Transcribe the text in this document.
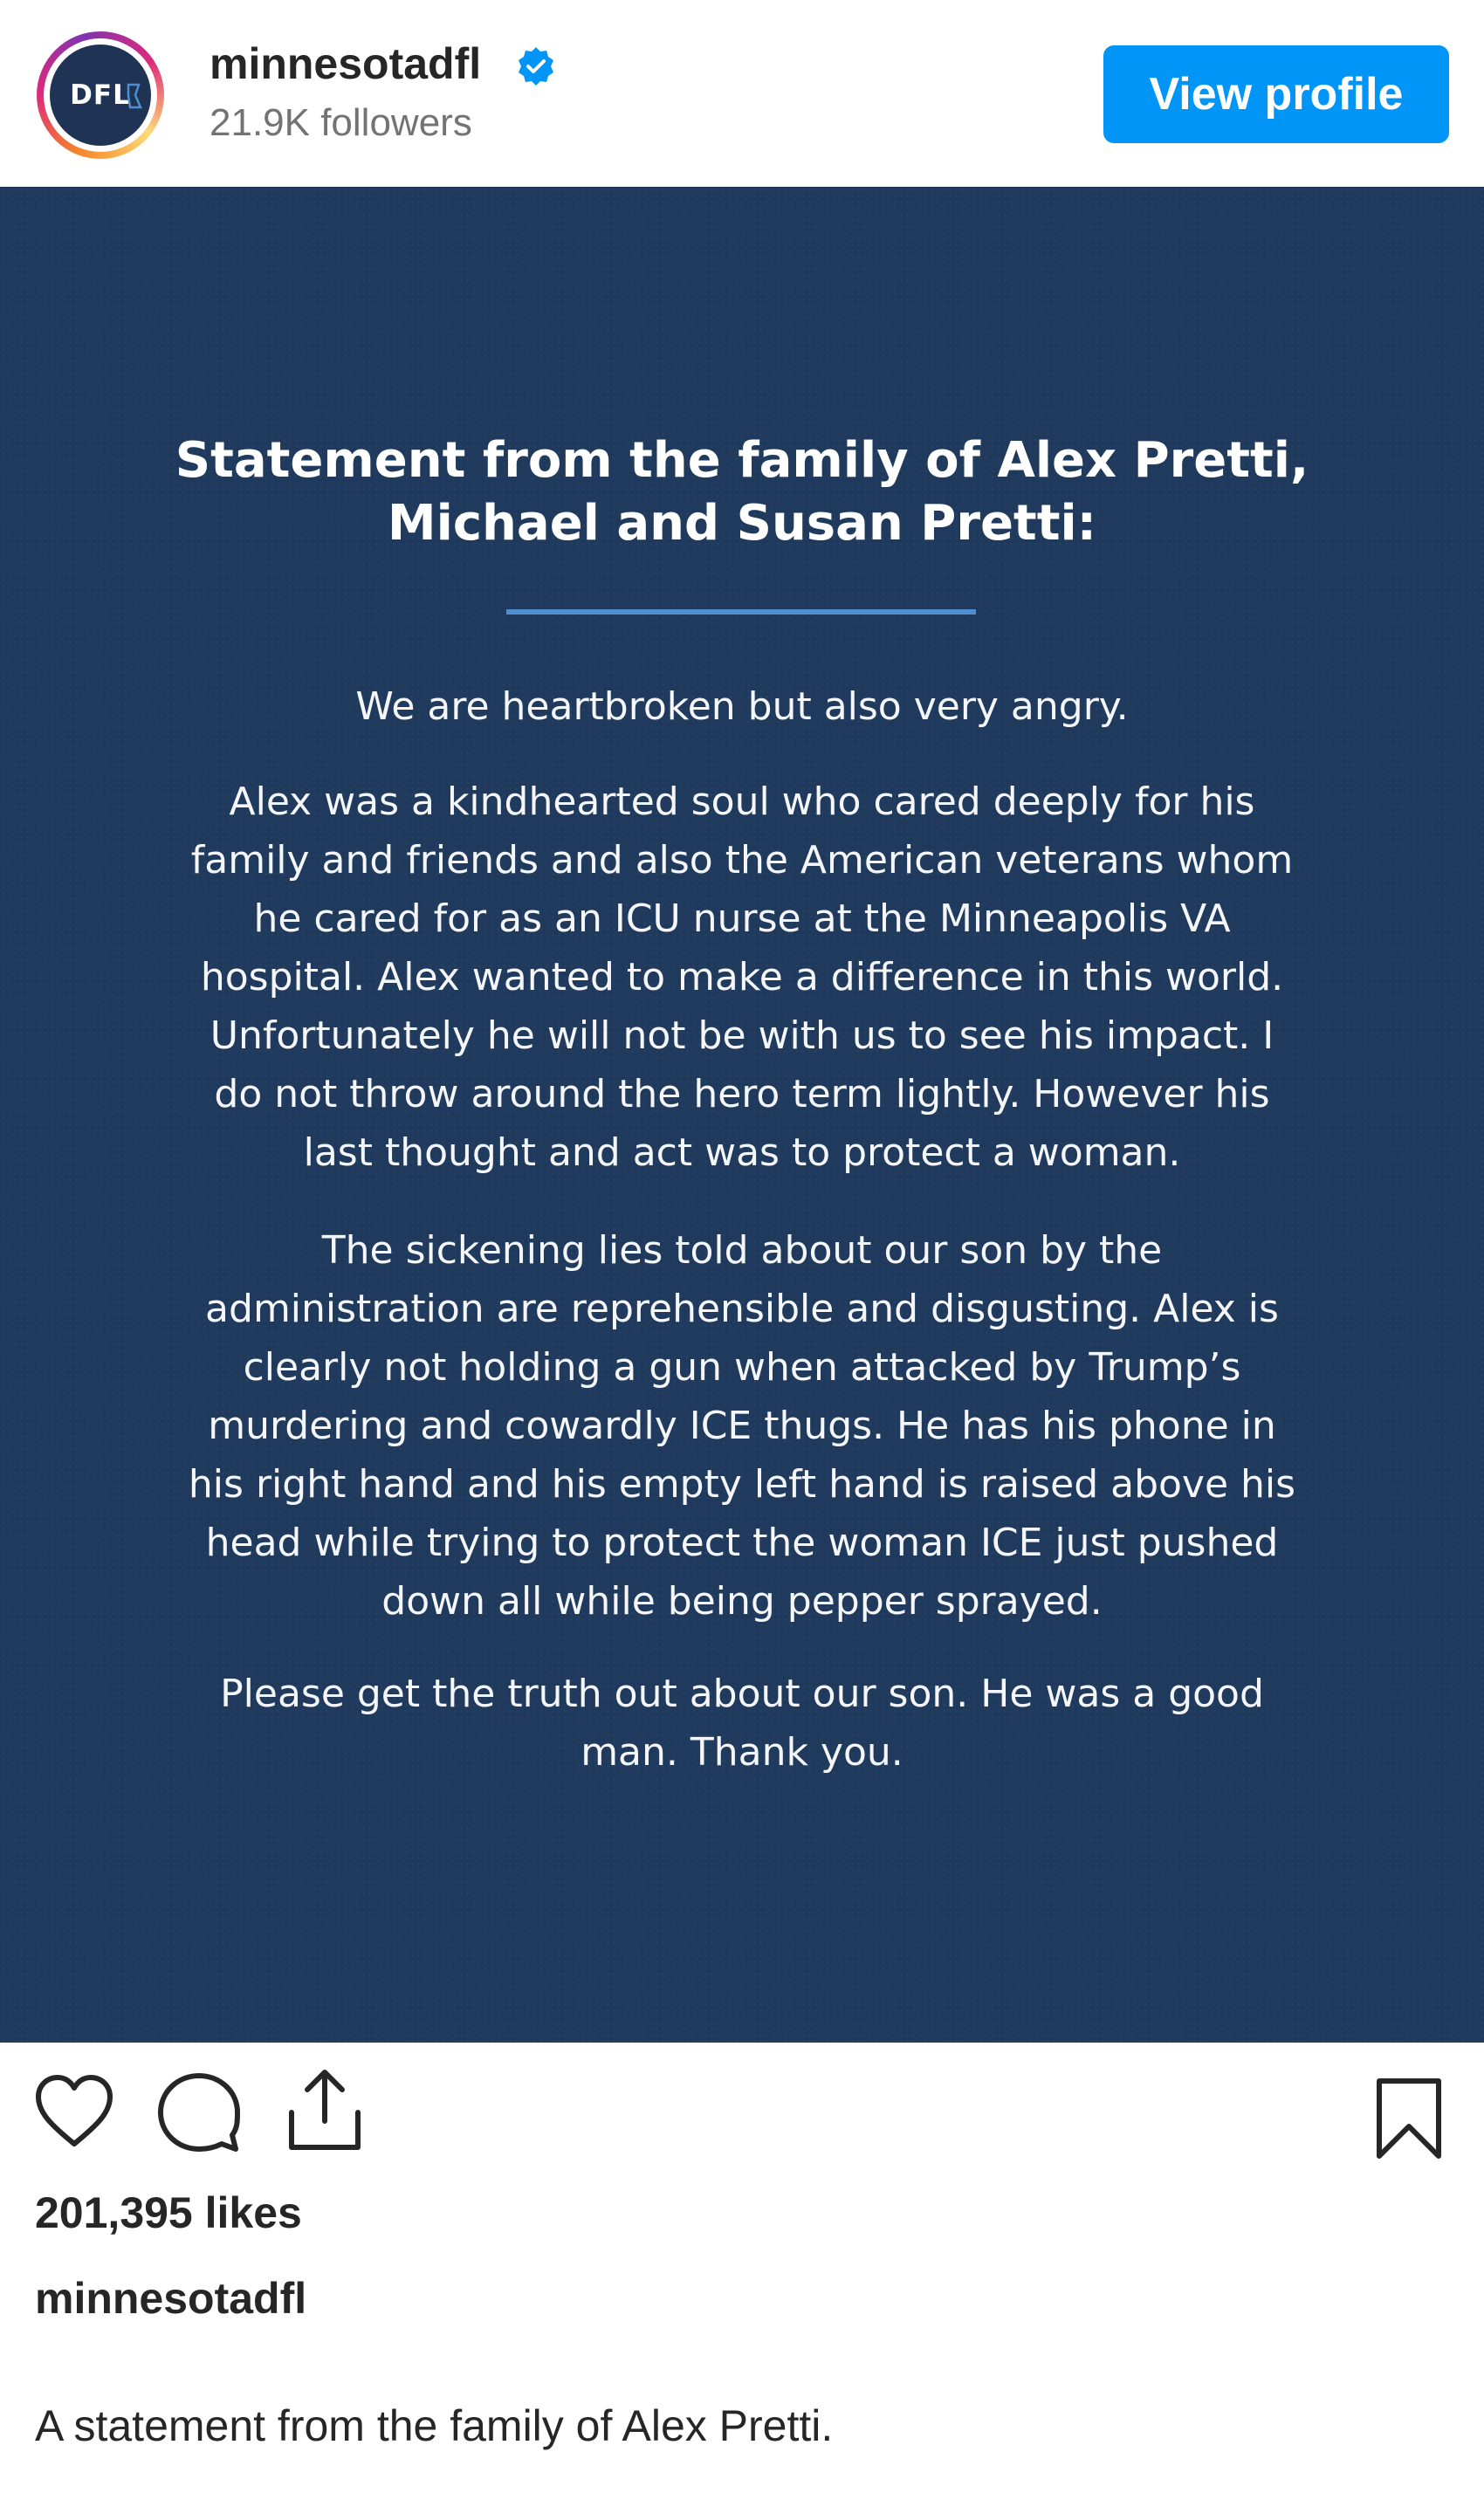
DFL
minnesotadfl
21.9K followers
View profile
Statement from the family of Alex Pretti,
Michael and Susan Pretti:
We are heartbroken but also very angry.
Alex was a kindhearted soul who cared deeply for his
family and friends and also the American veterans whom
he cared for as an ICU nurse at the Minneapolis VA
hospital. Alex wanted to make a difference in this world.
Unfortunately he will not be with us to see his impact. I
do not throw around the hero term lightly. However his
last thought and act was to protect a woman.
The sickening lies told about our son by the
administration are reprehensible and disgusting. Alex is
clearly not holding a gun when attacked by Trump’s
murdering and cowardly ICE thugs. He has his phone in
his right hand and his empty left hand is raised above his
head while trying to protect the woman ICE just pushed
down all while being pepper sprayed.
Please get the truth out about our son. He was a good
man. Thank you.
201,395 likes
minnesotadfl
A statement from the family of Alex Pretti.
